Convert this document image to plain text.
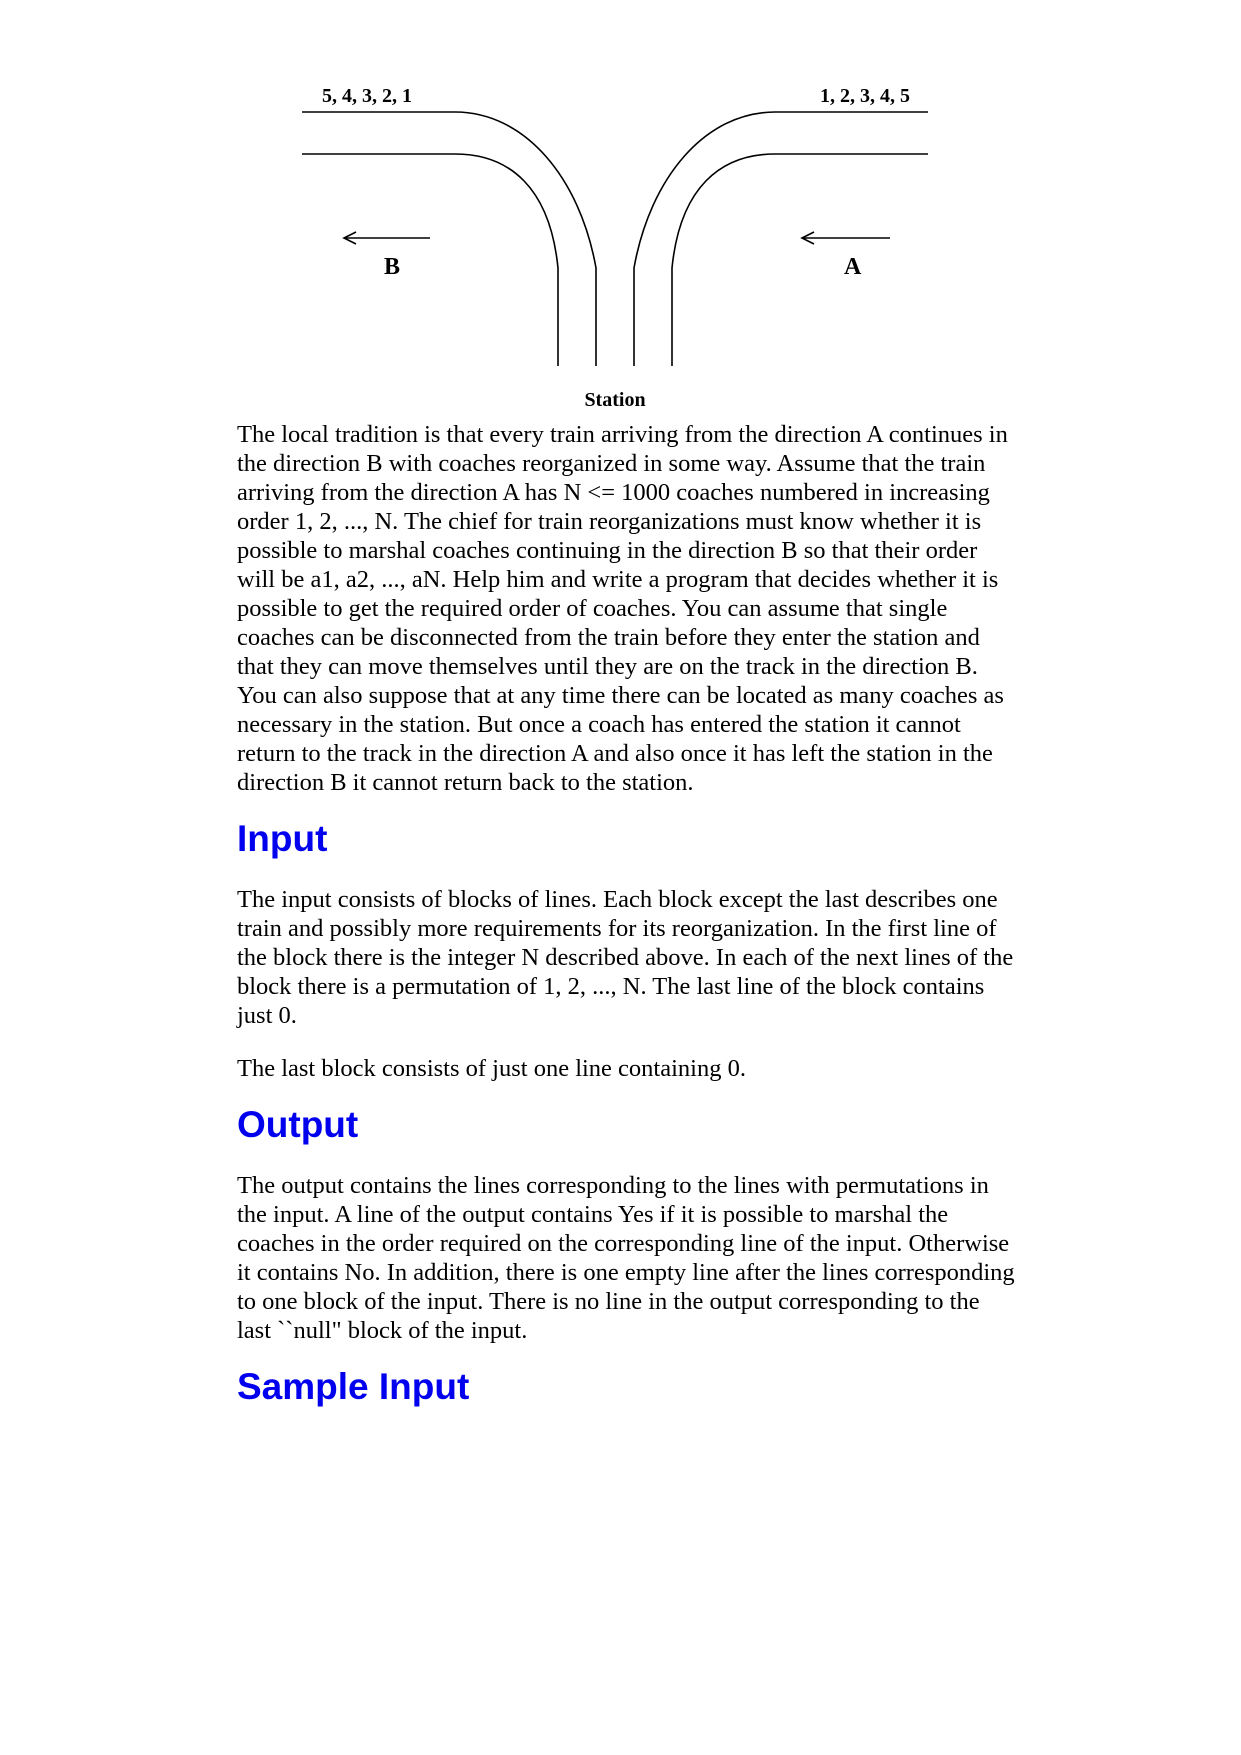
5, 4, 3, 2, 1	1, 2, 3, 4, 5
B	A
Station

The local tradition is that every train arriving from the direction A continues in the direction B with coaches reorganized in some way. Assume that the train arriving from the direction A has N <= 1000 coaches numbered in increasing order 1, 2, ..., N. The chief for train reorganizations must know whether it is possible to marshal coaches continuing in the direction B so that their order will be a1, a2, ..., aN. Help him and write a program that decides whether it is possible to get the required order of coaches. You can assume that single coaches can be disconnected from the train before they enter the station and that they can move themselves until they are on the track in the direction B. You can also suppose that at any time there can be located as many coaches as necessary in the station. But once a coach has entered the station it cannot return to the track in the direction A and also once it has left the station in the direction B it cannot return back to the station.

Input

The input consists of blocks of lines. Each block except the last describes one train and possibly more requirements for its reorganization. In the first line of the block there is the integer N described above. In each of the next lines of the block there is a permutation of 1, 2, ..., N. The last line of the block contains just 0.

The last block consists of just one line containing 0.

Output

The output contains the lines corresponding to the lines with permutations in the input. A line of the output contains Yes if it is possible to marshal the coaches in the order required on the corresponding line of the input. Otherwise it contains No. In addition, there is one empty line after the lines corresponding to one block of the input. There is no line in the output corresponding to the last ``null" block of the input.

Sample Input
